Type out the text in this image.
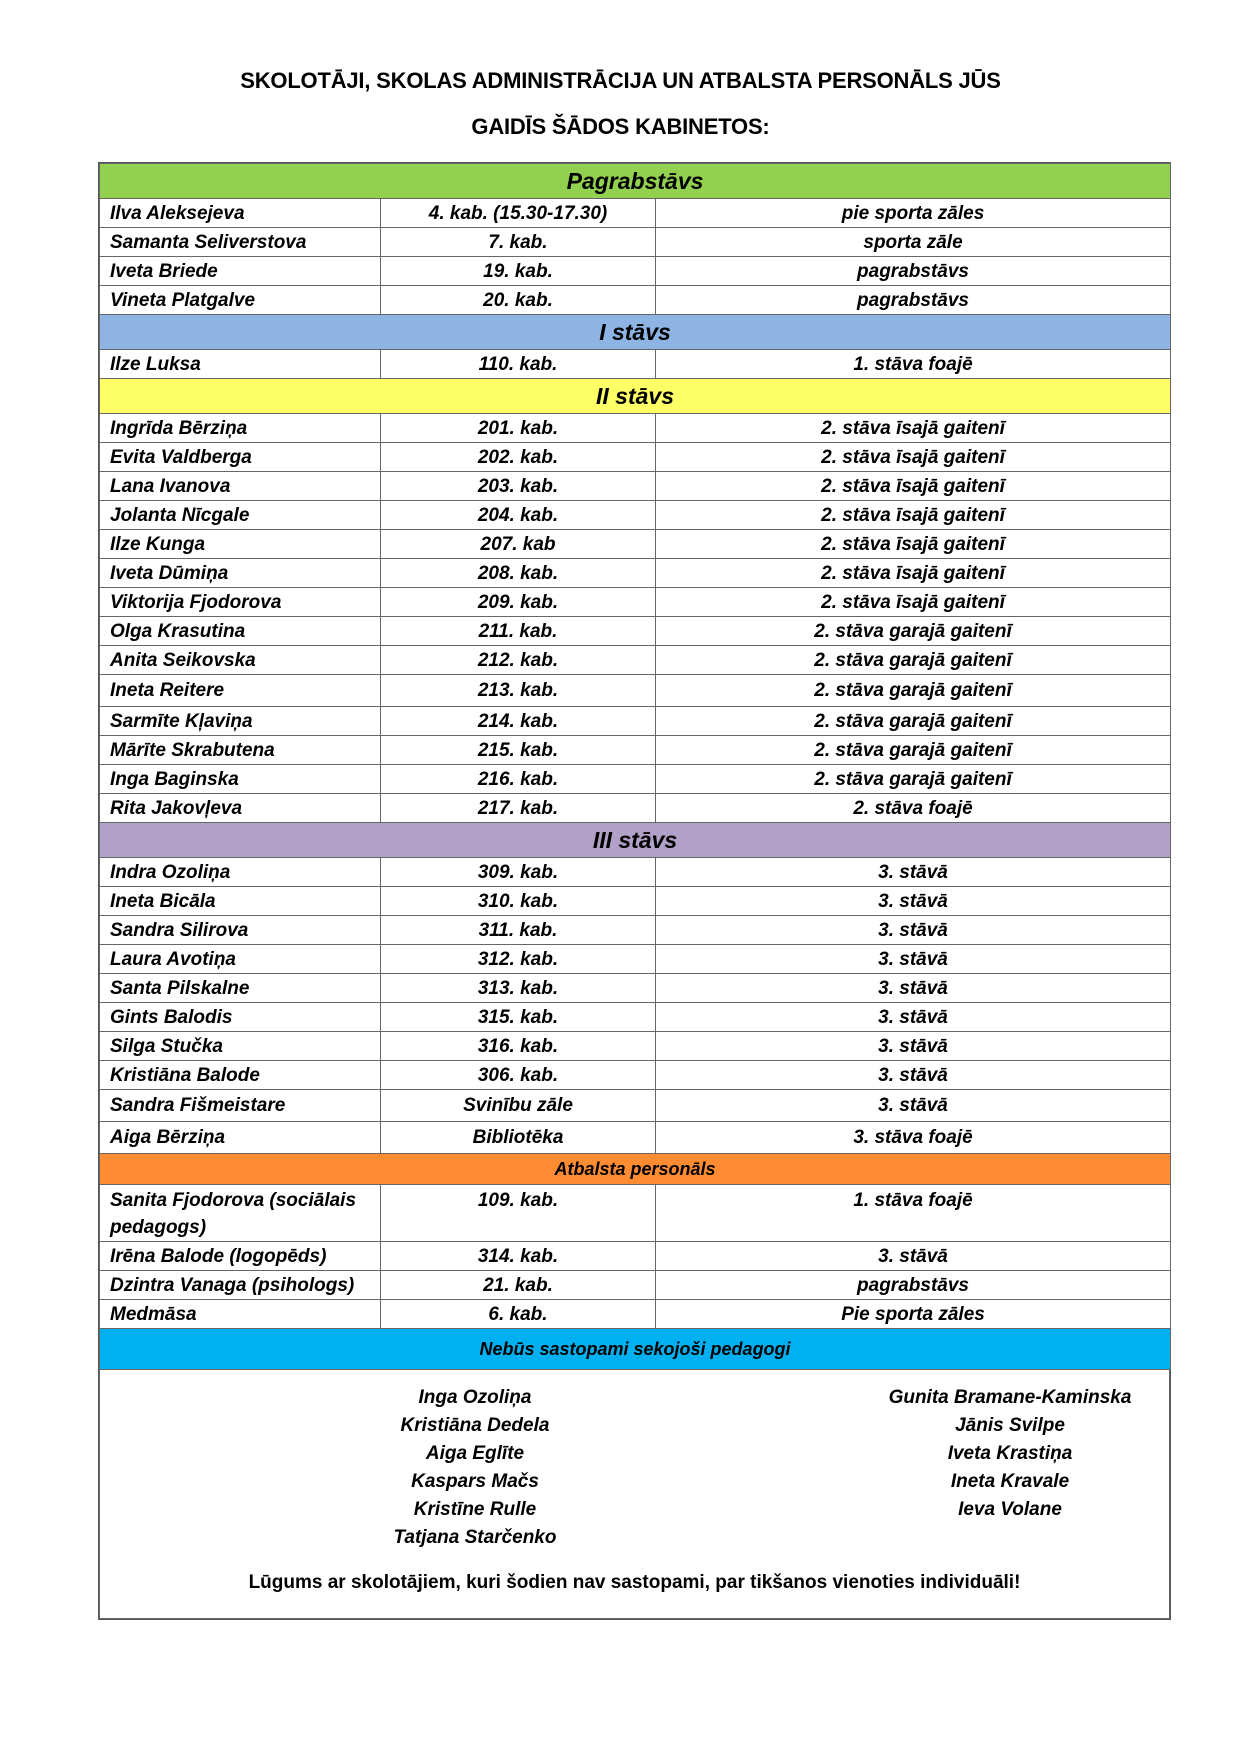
SKOLOTĀJI, SKOLAS ADMINISTRĀCIJA UN ATBALSTA PERSONĀLS JŪS
GAIDĪS ŠĀDOS KABINETOS:
Pagrabstāvs		
Ilva Aleksejeva	4. kab. (15.30-17.30)	pie sporta zāles
Samanta Seliverstova	7. kab.	sporta zāle
Iveta Briede	19. kab.	pagrabstāvs
Vineta Platgalve	20. kab.	pagrabstāvs
I stāvs		
Ilze Luksa	110. kab.	1. stāva foajē
II stāvs		
Ingrīda Bērziņa	201. kab.	2. stāva īsajā gaitenī
Evita Valdberga	202. kab.	2. stāva īsajā gaitenī
Lana Ivanova	203. kab.	2. stāva īsajā gaitenī
Jolanta Nīcgale	204. kab.	2. stāva īsajā gaitenī
Ilze Kunga	207. kab	2. stāva īsajā gaitenī
Iveta Dūmiņa	208. kab.	2. stāva īsajā gaitenī
Viktorija Fjodorova	209. kab.	2. stāva īsajā gaitenī
Olga Krasutina	211. kab.	2. stāva garajā gaitenī
Anita Seikovska	212. kab.	2. stāva garajā gaitenī
Ineta Reitere	213. kab.	2. stāva garajā gaitenī
Sarmīte Kļaviņa	214. kab.	2. stāva garajā gaitenī
Mārīte Skrabutena	215. kab.	2. stāva garajā gaitenī
Inga Baginska	216. kab.	2. stāva garajā gaitenī
Rita Jakovļeva	217. kab.	2. stāva foajē
III stāvs		
Indra Ozoliņa	309. kab.	3. stāvā
Ineta Bicāla	310. kab.	3. stāvā
Sandra Silirova	311. kab.	3. stāvā
Laura Avotiņa	312. kab.	3. stāvā
Santa Pilskalne	313. kab.	3. stāvā
Gints Balodis	315. kab.	3. stāvā
Silga Stučka	316. kab.	3. stāvā
Kristiāna Balode	306. kab.	3. stāvā
Sandra Fišmeistare	Svinību zāle	3. stāvā
Aiga Bērziņa	Bibliotēka	3. stāva foajē
Atbalsta personāls		
Sanita Fjodorova (sociālais pedagogs)	109. kab.	1. stāva foajē
Irēna Balode (logopēds)	314. kab.	3. stāvā
Dzintra Vanaga (psihologs)	21. kab.	pagrabstāvs
Medmāsa	6. kab.	Pie sporta zāles
Nebūs sastopami sekojoši pedagogi		
Inga Ozoliņa
Kristiāna Dedela
Aiga Eglīte
Kaspars Mačs
Kristīne Rulle
Tatjana Starčenko
Gunita Bramane-Kaminska
Jānis Svilpe
Iveta Krastiņa
Ineta Kravale
Ieva Volane
Lūgums ar skolotājiem, kuri šodien nav sastopami, par tikšanos vienoties individuāli!
